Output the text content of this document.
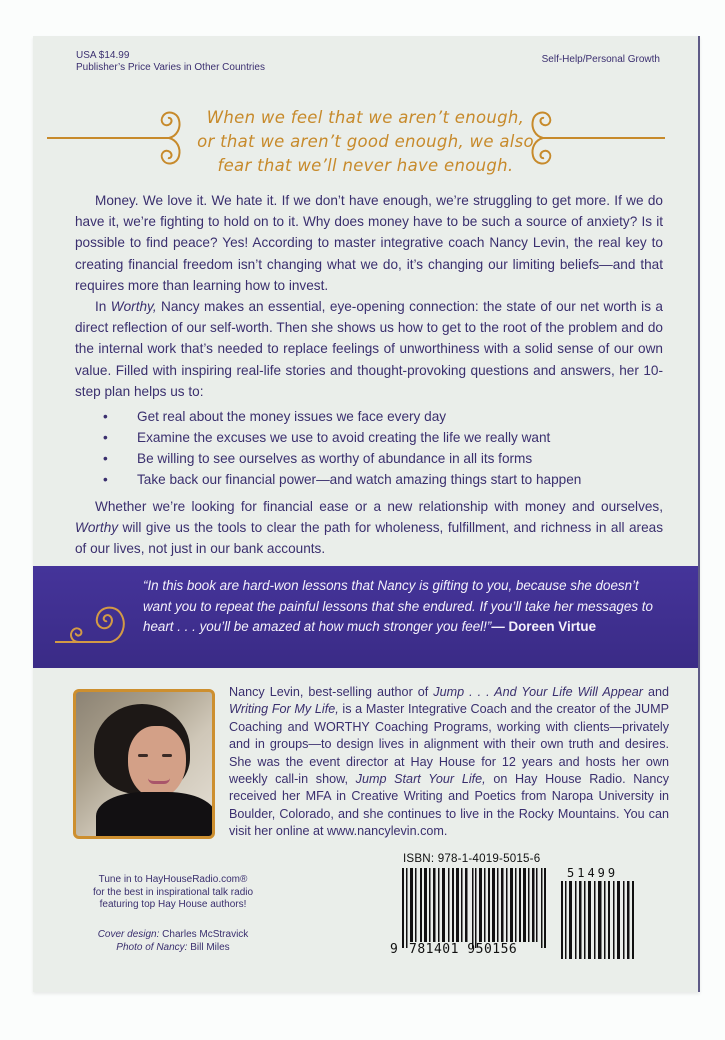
USA $14.99
Publisher’s Price Varies in Other Countries
Self-Help/Personal Growth
When we feel that we aren’t enough,
or that we aren’t good enough, we also
fear that we’ll never have enough.

Money. We love it. We hate it. If we don’t have enough, we’re struggling to get more. If we do have it, we’re fighting to hold on to it. Why does money have to be such a source of anxiety? Is it possible to find peace? Yes! According to master integrative coach Nancy Levin, the real key to creating financial freedom isn’t changing what we do, it’s changing our limiting beliefs—and that requires more than learning how to invest.

In Worthy, Nancy makes an essential, eye-opening connection: the state of our net worth is a direct reflection of our self-worth. Then she shows us how to get to the root of the problem and do the internal work that’s needed to replace feelings of unworthiness with a solid sense of our own value. Filled with inspiring real-life stories and thought-provoking questions and answers, her 10-step plan helps us to:

• Get real about the money issues we face every day
• Examine the excuses we use to avoid creating the life we really want
• Be willing to see ourselves as worthy of abundance in all its forms
• Take back our financial power—and watch amazing things start to happen

Whether we’re looking for financial ease or a new relationship with money and ourselves, Worthy will give us the tools to clear the path for wholeness, fulfillment, and richness in all areas of our lives, not just in our bank accounts.

“In this book are hard-won lessons that Nancy is gifting to you, because she doesn’t want you to repeat the painful lessons that she endured. If you’ll take her messages to heart . . . you’ll be amazed at how much stronger you feel!”— Doreen Virtue
Nancy Levin, best-selling author of Jump . . . And Your Life Will Appear and Writing For My Life, is a Master Integrative Coach and the creator of the JUMP Coaching and WORTHY Coaching Programs, working with clients—privately and in groups—to design lives in alignment with their own truth and desires. She was the event director at Hay House for 12 years and hosts her own weekly call-in show, Jump Start Your Life, on Hay House Radio. Nancy received her MFA in Creative Writing and Poetics from Naropa University in Boulder, Colorado, and she continues to live in the Rocky Mountains. You can visit her online at www.nancylevin.com.
Tune in to HayHouseRadio.com®
for the best in inspirational talk radio
featuring top Hay House authors!
Cover design: Charles McStravick
Photo of Nancy: Bill Miles
ISBN: 978-1-4019-5015-6
9 781401 950156
51499
